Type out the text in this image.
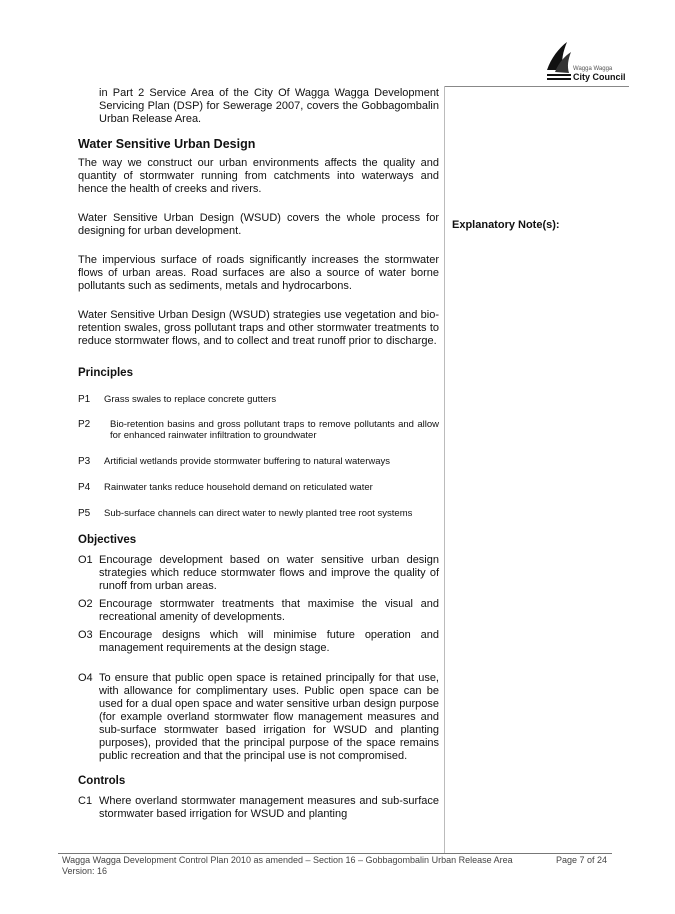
Wagga Wagga
City Council

in Part 2 Service Area of the City Of Wagga Wagga Development Servicing Plan (DSP) for Sewerage 2007, covers the Gobbagombalin Urban Release Area.

Water Sensitive Urban Design

The way we construct our urban environments affects the quality and quantity of stormwater running from catchments into waterways and hence the health of creeks and rivers.

Water Sensitive Urban Design (WSUD) covers the whole process for designing for urban development.

The impervious surface of roads significantly increases the stormwater flows of urban areas. Road surfaces are also a source of water borne pollutants such as sediments, metals and hydrocarbons.

Water Sensitive Urban Design (WSUD) strategies use vegetation and bio-retention swales, gross pollutant traps and other stormwater treatments to reduce stormwater flows, and to collect and treat runoff prior to discharge.

Principles
P1	Grass swales to replace concrete gutters
P2	Bio-retention basins and gross pollutant traps to remove pollutants and allow for enhanced rainwater infiltration to groundwater
P3	Artificial wetlands provide stormwater buffering to natural waterways
P4	Rainwater tanks reduce household demand on reticulated water
P5	Sub-surface channels can direct water to newly planted tree root systems
Objectives
O1 Encourage development based on water sensitive urban design strategies which reduce stormwater flows and improve the quality of runoff from urban areas.
O2 Encourage stormwater treatments that maximise the visual and recreational amenity of developments.
O3 Encourage designs which will minimise future operation and management requirements at the design stage.
O4 To ensure that public open space is retained principally for that use, with allowance for complimentary uses. Public open space can be used for a dual open space and water sensitive urban design purpose (for example overland stormwater flow management measures and sub-surface stormwater based irrigation for WSUD and planting purposes), provided that the principal purpose of the space remains public recreation and that the principal use is not compromised.
Controls
C1 Where overland stormwater management measures and sub-surface stormwater based irrigation for WSUD and planting
Explanatory Note(s):
Wagga Wagga Development Control Plan 2010 as amended – Section 16 – Gobbagombalin Urban Release Area
Version: 16
Page 7 of 24
